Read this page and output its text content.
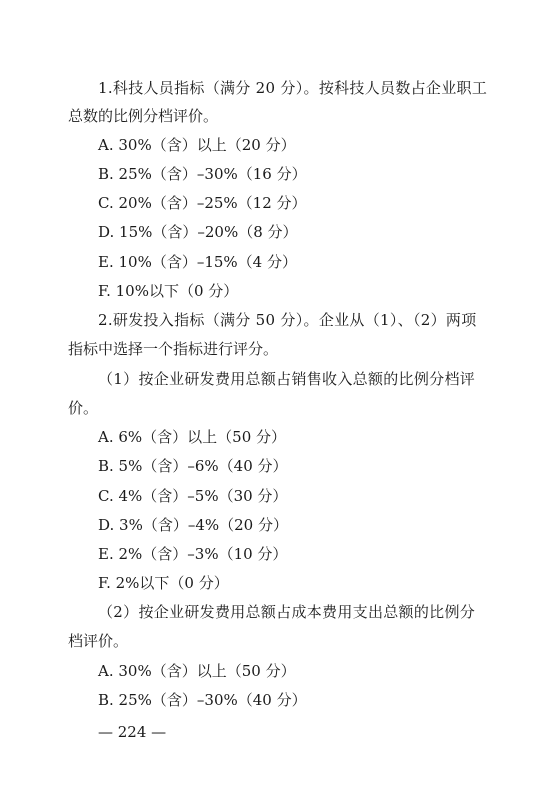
1.科技人员指标（满分 20 分）。按科技人员数占企业职工
总数的比例分档评价。
A. 30%（含）以上（20 分）
B. 25%（含）–30%（16 分）
C. 20%（含）–25%（12 分）
D. 15%（含）–20%（8 分）
E. 10%（含）–15%（4 分）
F. 10%以下（0 分）
2.研发投入指标（满分 50 分）。企业从（1）、（2）两项
指标中选择一个指标进行评分。
（1）按企业研发费用总额占销售收入总额的比例分档评
价。
A. 6%（含）以上（50 分）
B. 5%（含）–6%（40 分）
C. 4%（含）–5%（30 分）
D. 3%（含）–4%（20 分）
E. 2%（含）–3%（10 分）
F. 2%以下（0 分）
（2）按企业研发费用总额占成本费用支出总额的比例分
档评价。
A. 30%（含）以上（50 分）
B. 25%（含）–30%（40 分）
— 224 —
